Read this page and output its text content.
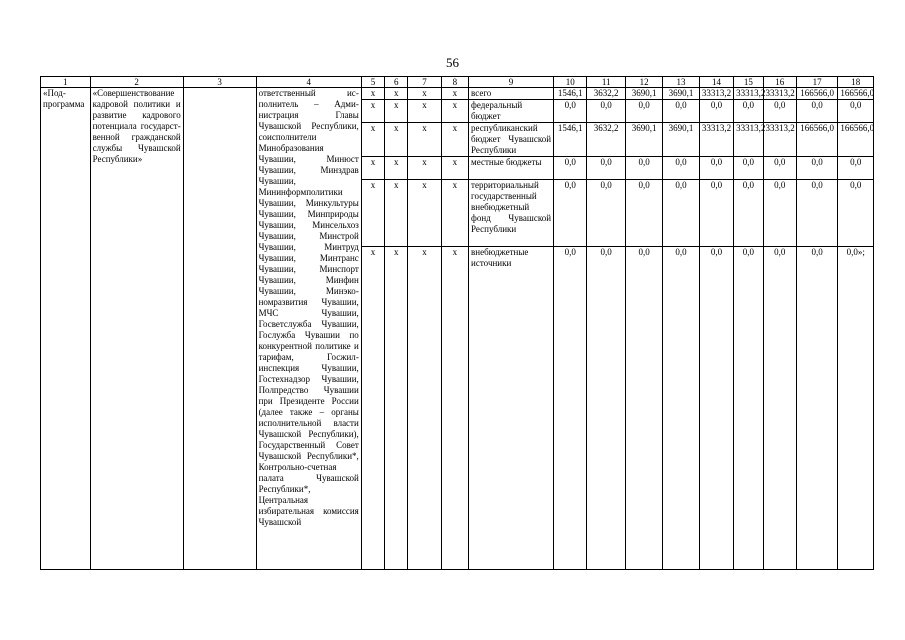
56
1	2	3	4	5	6	7	8	9	10	11	12	13	14	15	16	17	18

«Подпрограмма	«Совершенствование кадровой политики и развитие кадрового потенциала государственной гражданской службы Чувашской Республики»		ответственный исполнитель – Администрация Главы Чувашской Республики, соисполнители Минобразования Чувашии, Минюст Чувашии, Минздрав Чувашии, Мининформполитики Чувашии, Минкультуры Чувашии, Минприроды Чувашии, Минсельхоз Чувашии, Минстрой Чувашии, Минтруд Чувашии, Минтранс Чувашии, Минспорт Чувашии, Минфин Чувашии, Минэкономразвития Чувашии, МЧС Чувашии, Госветслужба Чувашии, Гослужба Чувашии по конкурентной политике и тарифам, Госжилинспекция Чувашии, Гостехнадзор Чувашии, Полпредство Чувашии при Президенте России (далее также – органы исполнительной власти Чувашской Республики), Государственный Совет Чувашской Республики*, Контрольно-счетная палата Чувашской Республики*, Центральная избирательная комиссия Чувашской	x	x	x	x	всего	1546,1	3632,2	3690,1	3690,1	33313,2	33313,2	33313,2	166566,0	166566,0
				x	x	x	x	федеральный бюджет	0,0	0,0	0,0	0,0	0,0	0,0	0,0	0,0	0,0
				x	x	x	x	республиканский бюджет Чувашской Республики	1546,1	3632,2	3690,1	3690,1	33313,2	33313,2	33313,2	166566,0	166566,0
				x	x	x	x	местные бюджеты	0,0	0,0	0,0	0,0	0,0	0,0	0,0	0,0	0,0
				x	x	x	x	территориальный государственный внебюджетный фонд Чувашской Республики	0,0	0,0	0,0	0,0	0,0	0,0	0,0	0,0	0,0
				x	x	x	x	внебюджетные источники	0,0	0,0	0,0	0,0	0,0	0,0	0,0	0,0	0,0»;
